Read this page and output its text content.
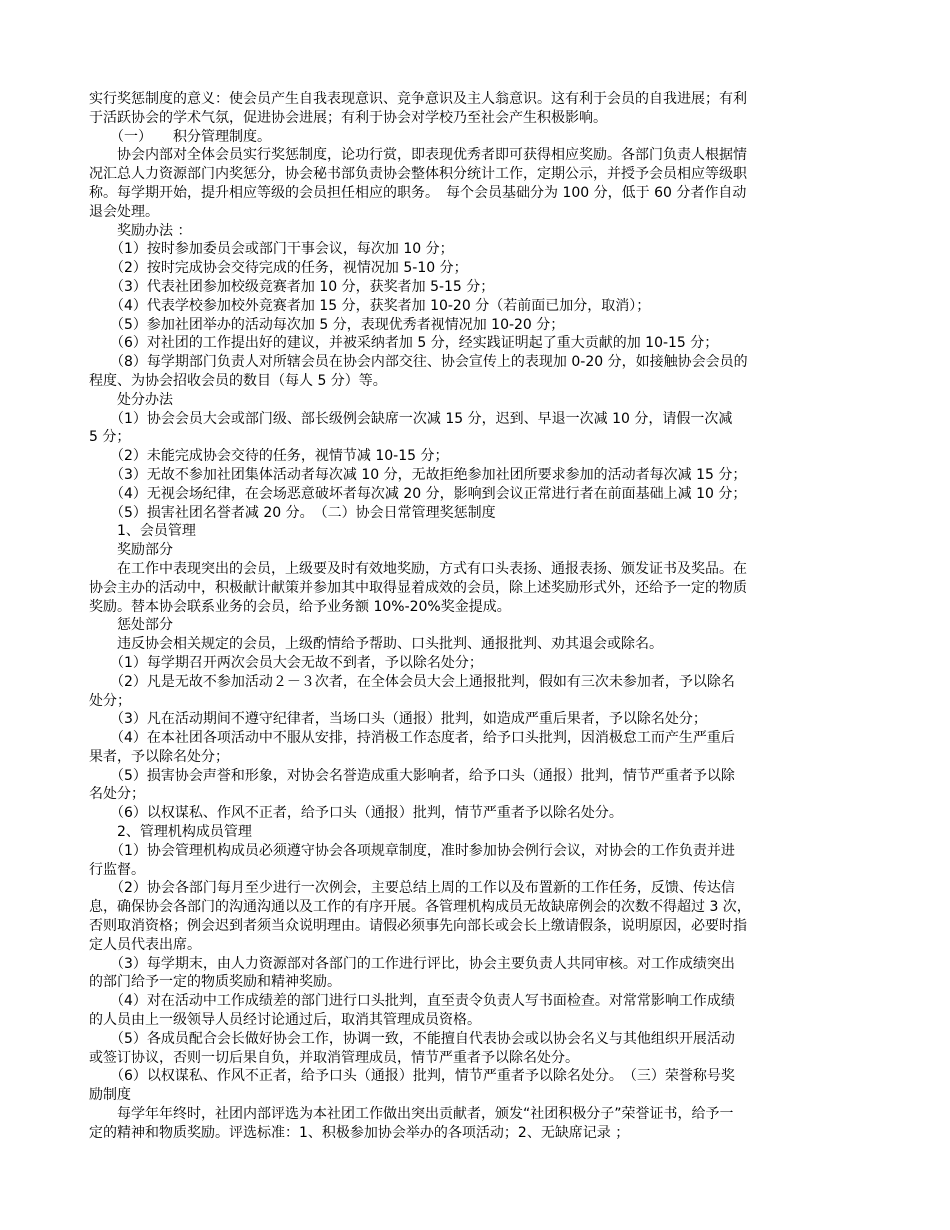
实行奖惩制度的意义：使会员产生自我表现意识、竞争意识及主人翁意识。这有利于会员的自我进展；有利
于活跃协会的学术气氛，促进协会进展；有利于协会对学校乃至社会产生积极影响。
　　（一）　　积分管理制度。
　　协会内部对全体会员实行奖惩制度，论功行赏，即表现优秀者即可获得相应奖励。各部门负责人根据情
况汇总人力资源部门内奖惩分，协会秘书部负责协会整体积分统计工作，定期公示，并授予会员相应等级职
称。每学期开始，提升相应等级的会员担任相应的职务。　每个会员基础分为 100 分，低于 60 分者作自动
退会处理。
　　奖励办法 ：
　　（1）按时参加委员会或部门干事会议，每次加 10 分；
　　（2）按时完成协会交待完成的任务，视情况加 5-10 分；
　　（3）代表社团参加校级竞赛者加 10 分，获奖者加 5-15 分；
　　（4）代表学校参加校外竞赛者加 15 分，获奖者加 10-20 分（若前面已加分，取消）；
　　（5）参加社团举办的活动每次加 5 分，表现优秀者视情况加 10-20 分；
　　（6）对社团的工作提出好的建议，并被采纳者加 5 分，经实践证明起了重大贡献的加 10-15 分；
　　（8）每学期部门负责人对所辖会员在协会内部交往、协会宣传上的表现加 0-20 分，如接触协会会员的
程度、为协会招收会员的数目（每人 5 分）等。
　　处分办法
　　（1）协会会员大会或部门级、部长级例会缺席一次减 15 分，迟到、早退一次减 10 分，请假一次减
5 分；
　　（2）未能完成协会交待的任务，视情节减 10-15 分；
　　（3）无故不参加社团集体活动者每次减 10 分，无故拒绝参加社团所要求参加的活动者每次减 15 分；
　　（4）无视会场纪律，在会场恶意破坏者每次减 20 分，影响到会议正常进行者在前面基础上减 10 分；
　　（5）损害社团名誉者减 20 分。　（二）协会日常管理奖惩制度
　　1、会员管理
　　奖励部分
　　在工作中表现突出的会员，上级要及时有效地奖励，方式有口头表扬、通报表扬、颁发证书及奖品。在
协会主办的活动中，积极献计献策并参加其中取得显着成效的会员，除上述奖励形式外，还给予一定的物质
奖励。替本协会联系业务的会员，给予业务额 10%-20%奖金提成。
　　惩处部分
　　违反协会相关规定的会员，上级酌情给予帮助、口头批判、通报批判、劝其退会或除名。
　　（1）每学期召开两次会员大会无故不到者，予以除名处分；
　　（2）凡是无故不参加活动２－３次者，在全体会员大会上通报批判，假如有三次未参加者，予以除名
处分；
　　（3）凡在活动期间不遵守纪律者，当场口头（通报）批判，如造成严重后果者，予以除名处分；
　　（4）在本社团各项活动中不服从安排，持消极工作态度者，给予口头批判，因消极怠工而产生严重后
果者，予以除名处分；
　　（5）损害协会声誉和形象，对协会名誉造成重大影响者，给予口头（通报）批判，情节严重者予以除
名处分；
　　（6）以权谋私、作风不正者，给予口头（通报）批判，情节严重者予以除名处分。
　　2、管理机构成员管理
　　（1）协会管理机构成员必须遵守协会各项规章制度，准时参加协会例行会议，对协会的工作负责并进
行监督。
　　（2）协会各部门每月至少进行一次例会，主要总结上周的工作以及布置新的工作任务，反馈、传达信
息，确保协会各部门的沟通沟通以及工作的有序开展。各管理机构成员无故缺席例会的次数不得超过 3 次，
否则取消资格；例会迟到者须当众说明理由。请假必须事先向部长或会长上缴请假条，说明原因，必要时指
定人员代表出席。
　　（3）每学期末，由人力资源部对各部门的工作进行评比，协会主要负责人共同审核。对工作成绩突出
的部门给予一定的物质奖励和精神奖励。
　　（4）对在活动中工作成绩差的部门进行口头批判，直至责令负责人写书面检查。对常常影响工作成绩
的人员由上一级领导人员经讨论通过后，取消其管理成员资格。
　　（5）各成员配合会长做好协会工作，协调一致，不能擅自代表协会或以协会名义与其他组织开展活动
或签订协议，否则一切后果自负，并取消管理成员，情节严重者予以除名处分。
　　（6）以权谋私、作风不正者，给予口头（通报）批判，情节严重者予以除名处分。　（三）荣誉称号奖
励制度
　　每学年年终时，社团内部评选为本社团工作做出突出贡献者，颁发“社团积极分子”荣誉证书，给予一
定的精神和物质奖励。评选标准：1、积极参加协会举办的各项活动；2、无缺席记录 ；
